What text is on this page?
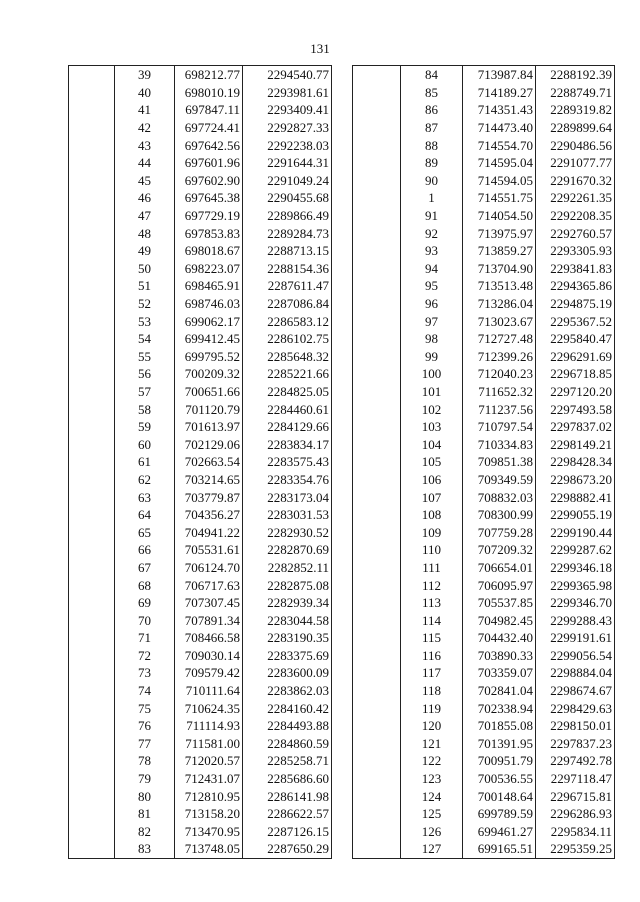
131
	39	698212.77	2294540.77
	40	698010.19	2293981.61
	41	697847.11	2293409.41
	42	697724.41	2292827.33
	43	697642.56	2292238.03
	44	697601.96	2291644.31
	45	697602.90	2291049.24
	46	697645.38	2290455.68
	47	697729.19	2289866.49
	48	697853.83	2289284.73
	49	698018.67	2288713.15
	50	698223.07	2288154.36
	51	698465.91	2287611.47
	52	698746.03	2287086.84
	53	699062.17	2286583.12
	54	699412.45	2286102.75
	55	699795.52	2285648.32
	56	700209.32	2285221.66
	57	700651.66	2284825.05
	58	701120.79	2284460.61
	59	701613.97	2284129.66
	60	702129.06	2283834.17
	61	702663.54	2283575.43
	62	703214.65	2283354.76
	63	703779.87	2283173.04
	64	704356.27	2283031.53
	65	704941.22	2282930.52
	66	705531.61	2282870.69
	67	706124.70	2282852.11
	68	706717.63	2282875.08
	69	707307.45	2282939.34
	70	707891.34	2283044.58
	71	708466.58	2283190.35
	72	709030.14	2283375.69
	73	709579.42	2283600.09
	74	710111.64	2283862.03
	75	710624.35	2284160.42
	76	711114.93	2284493.88
	77	711581.00	2284860.59
	78	712020.57	2285258.71
	79	712431.07	2285686.60
	80	712810.95	2286141.98
	81	713158.20	2286622.57
	82	713470.95	2287126.15
	83	713748.05	2287650.29
	84	713987.84	2288192.39
	85	714189.27	2288749.71
	86	714351.43	2289319.82
	87	714473.40	2289899.64
	88	714554.70	2290486.56
	89	714595.04	2291077.77
	90	714594.05	2291670.32
	1	714551.75	2292261.35
	91	714054.50	2292208.35
	92	713975.97	2292760.57
	93	713859.27	2293305.93
	94	713704.90	2293841.83
	95	713513.48	2294365.86
	96	713286.04	2294875.19
	97	713023.67	2295367.52
	98	712727.48	2295840.47
	99	712399.26	2296291.69
	100	712040.23	2296718.85
	101	711652.32	2297120.20
	102	711237.56	2297493.58
	103	710797.54	2297837.02
	104	710334.83	2298149.21
	105	709851.38	2298428.34
	106	709349.59	2298673.20
	107	708832.03	2298882.41
	108	708300.99	2299055.19
	109	707759.28	2299190.44
	110	707209.32	2299287.62
	111	706654.01	2299346.18
	112	706095.97	2299365.98
	113	705537.85	2299346.70
	114	704982.45	2299288.43
	115	704432.40	2299191.61
	116	703890.33	2299056.54
	117	703359.07	2298884.04
	118	702841.04	2298674.67
	119	702338.94	2298429.63
	120	701855.08	2298150.01
	121	701391.95	2297837.23
	122	700951.79	2297492.78
	123	700536.55	2297118.47
	124	700148.64	2296715.81
	125	699789.59	2296286.93
	126	699461.27	2295834.11
	127	699165.51	2295359.25
